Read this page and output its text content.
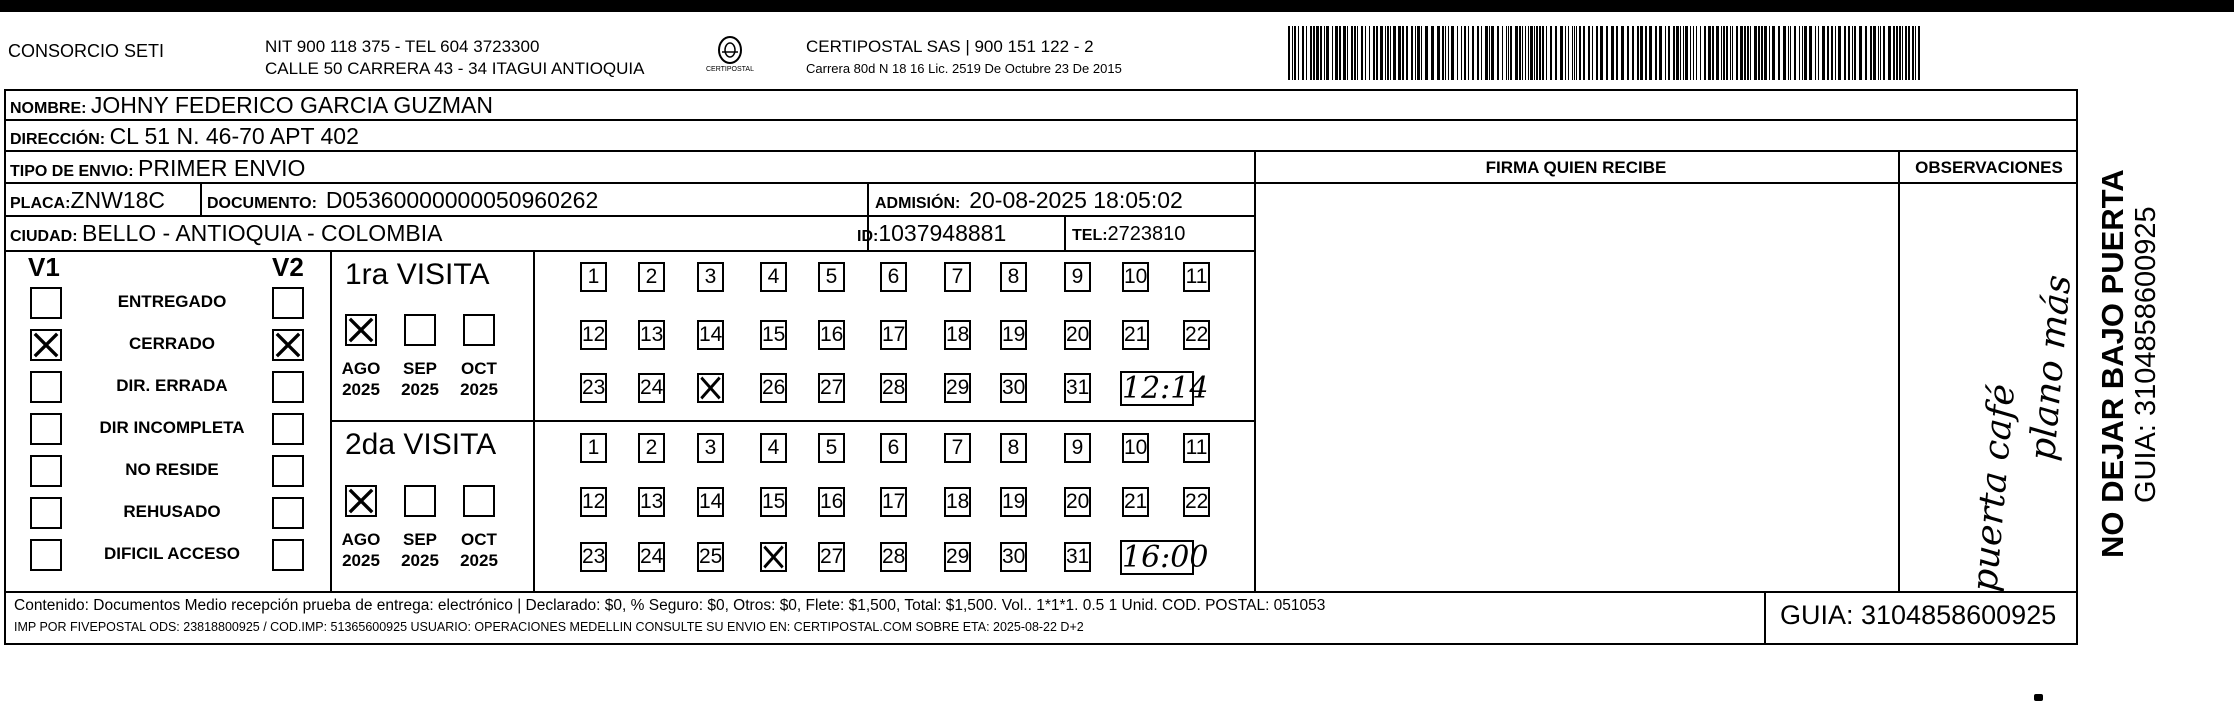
CONSORCIO SETI	NIT 900 118 375 - TEL 604 3723300
CALLE 50 CARRERA 43 - 34 ITAGUI ANTIOQUIA	CERTIPOSTAL
CERTIPOSTAL SAS | 900 151 122 - 2
Carrera 80d N 18 16 Lic. 2519 De Octubre 23 De 2015
NOMBRE: JOHNY FEDERICO GARCIA GUZMAN
DIRECCIÓN: CL 51 N. 46-70 APT 402
TIPO DE ENVIO: PRIMER ENVIO
PLACA:ZNW18C	DOCUMENTO: D05360000000050960262	ADMISIÓN: 20-08-2025 18:05:02
CIUDAD: BELLO - ANTIOQUIA - COLOMBIA	ID:1037948881	TEL:2723810
FIRMA QUIEN RECIBE	OBSERVACIONES
V1	V2 1ra VISITA
2da VISITA	puerta café
plano más
Contenido: Documentos Medio recepción prueba de entrega: electrónico | Declarado: $0, % Seguro: $0, Otros: $0, Flete: $1,500, Total: $1,500. Vol.. 1*1*1. 0.5 1 Unid. COD. POSTAL: 051053
IMP POR FIVEPOSTAL ODS: 23818800925 / COD.IMP: 51365600925 USUARIO: OPERACIONES MEDELLIN CONSULTE SU ENVIO EN: CERTIPOSTAL.COM SOBRE ETA: 2025-08-22 D+2	GUIA: 3104858600925
NO DEJAR BAJO PUERTA GUIA: 3104858600925
ENTREGADO
CERRADO
DIR. ERRADA
DIR INCOMPLETA
NO RESIDE
REHUSADO
DIFICIL ACCESO
AGO
2025
SEP
2025
OCT
2025
AGO
2025
SEP
2025
OCT
2025
1	2	3	4	5	6	7	8	9	10 11
12 13 14 15 16 17 18 19 20 21 22
23 24	26 27 28 29 30 31 12:14
1	2	3	4	5	6	7	8	9	10 11
12 13 14 15 16 17 18 19 20 21 22
23 24 25	27 28 29 30 31 16:00
